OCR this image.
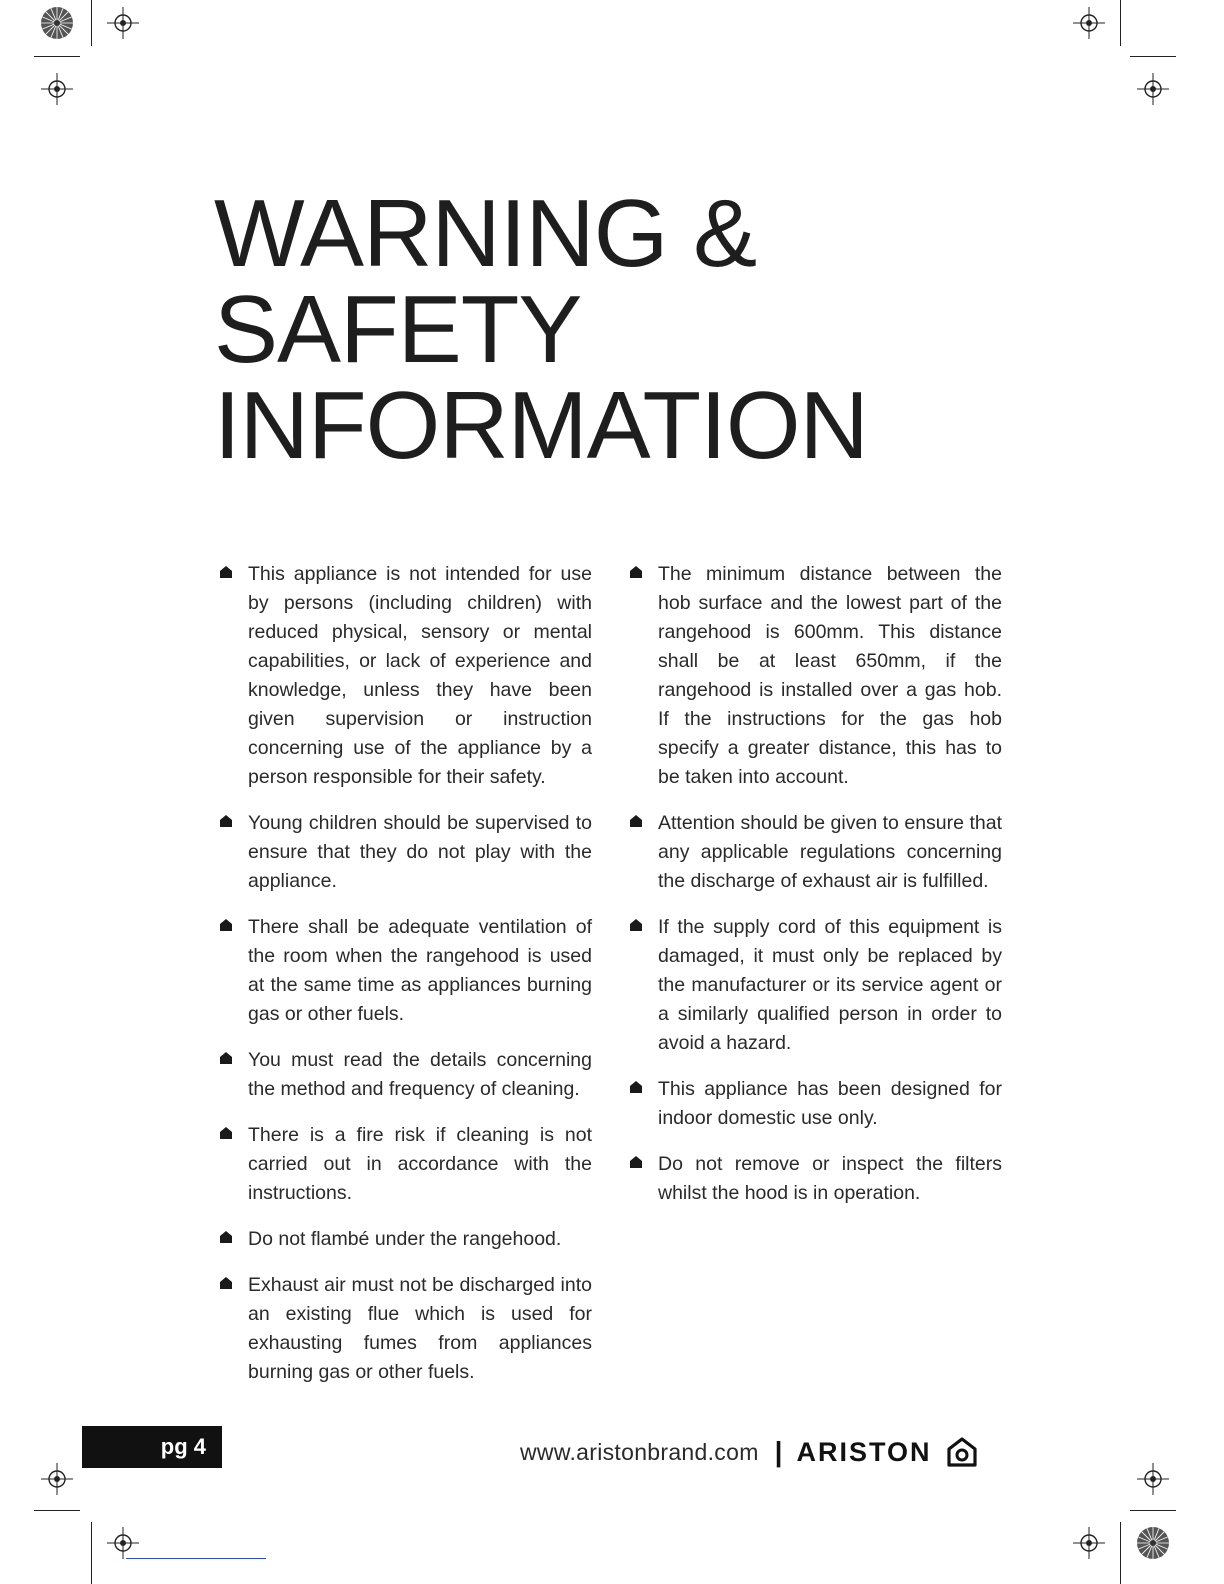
WARNING &
SAFETY
INFORMATION
This appliance is not intended for use by persons (including children) with reduced physical, sensory or mental capabilities, or lack of experience and knowledge, unless they have been given supervision or instruction concerning use of the appliance by a person responsible for their safety.
Young children should be supervised to ensure that they do not play with the appliance.
There shall be adequate ventilation of the room when the rangehood is used at the same time as appliances burning gas or other fuels.
You must read the details concerning the method and frequency of cleaning.
There is a fire risk if cleaning is not carried out in accordance with the instructions.
Do not flambé under the rangehood.
Exhaust air must not be discharged into an existing flue which is used for exhausting fumes from appliances burning gas or other fuels.
The minimum distance between the hob surface and the lowest part of the rangehood is 600mm. This distance shall be at least 650mm, if the rangehood is installed over a gas hob. If the instructions for the gas hob specify a greater distance, this has to be taken into account.
Attention should be given to ensure that any applicable regulations concerning the discharge of exhaust air is fulfilled.
If the supply cord of this equipment is damaged, it must only be replaced by the manufacturer or its service agent or a similarly qualified person in order to avoid a hazard.
This appliance has been designed for indoor domestic use only.
Do not remove or inspect the filters whilst the hood is in operation.
pg 4	www.aristonbrand.com | ARISTON
